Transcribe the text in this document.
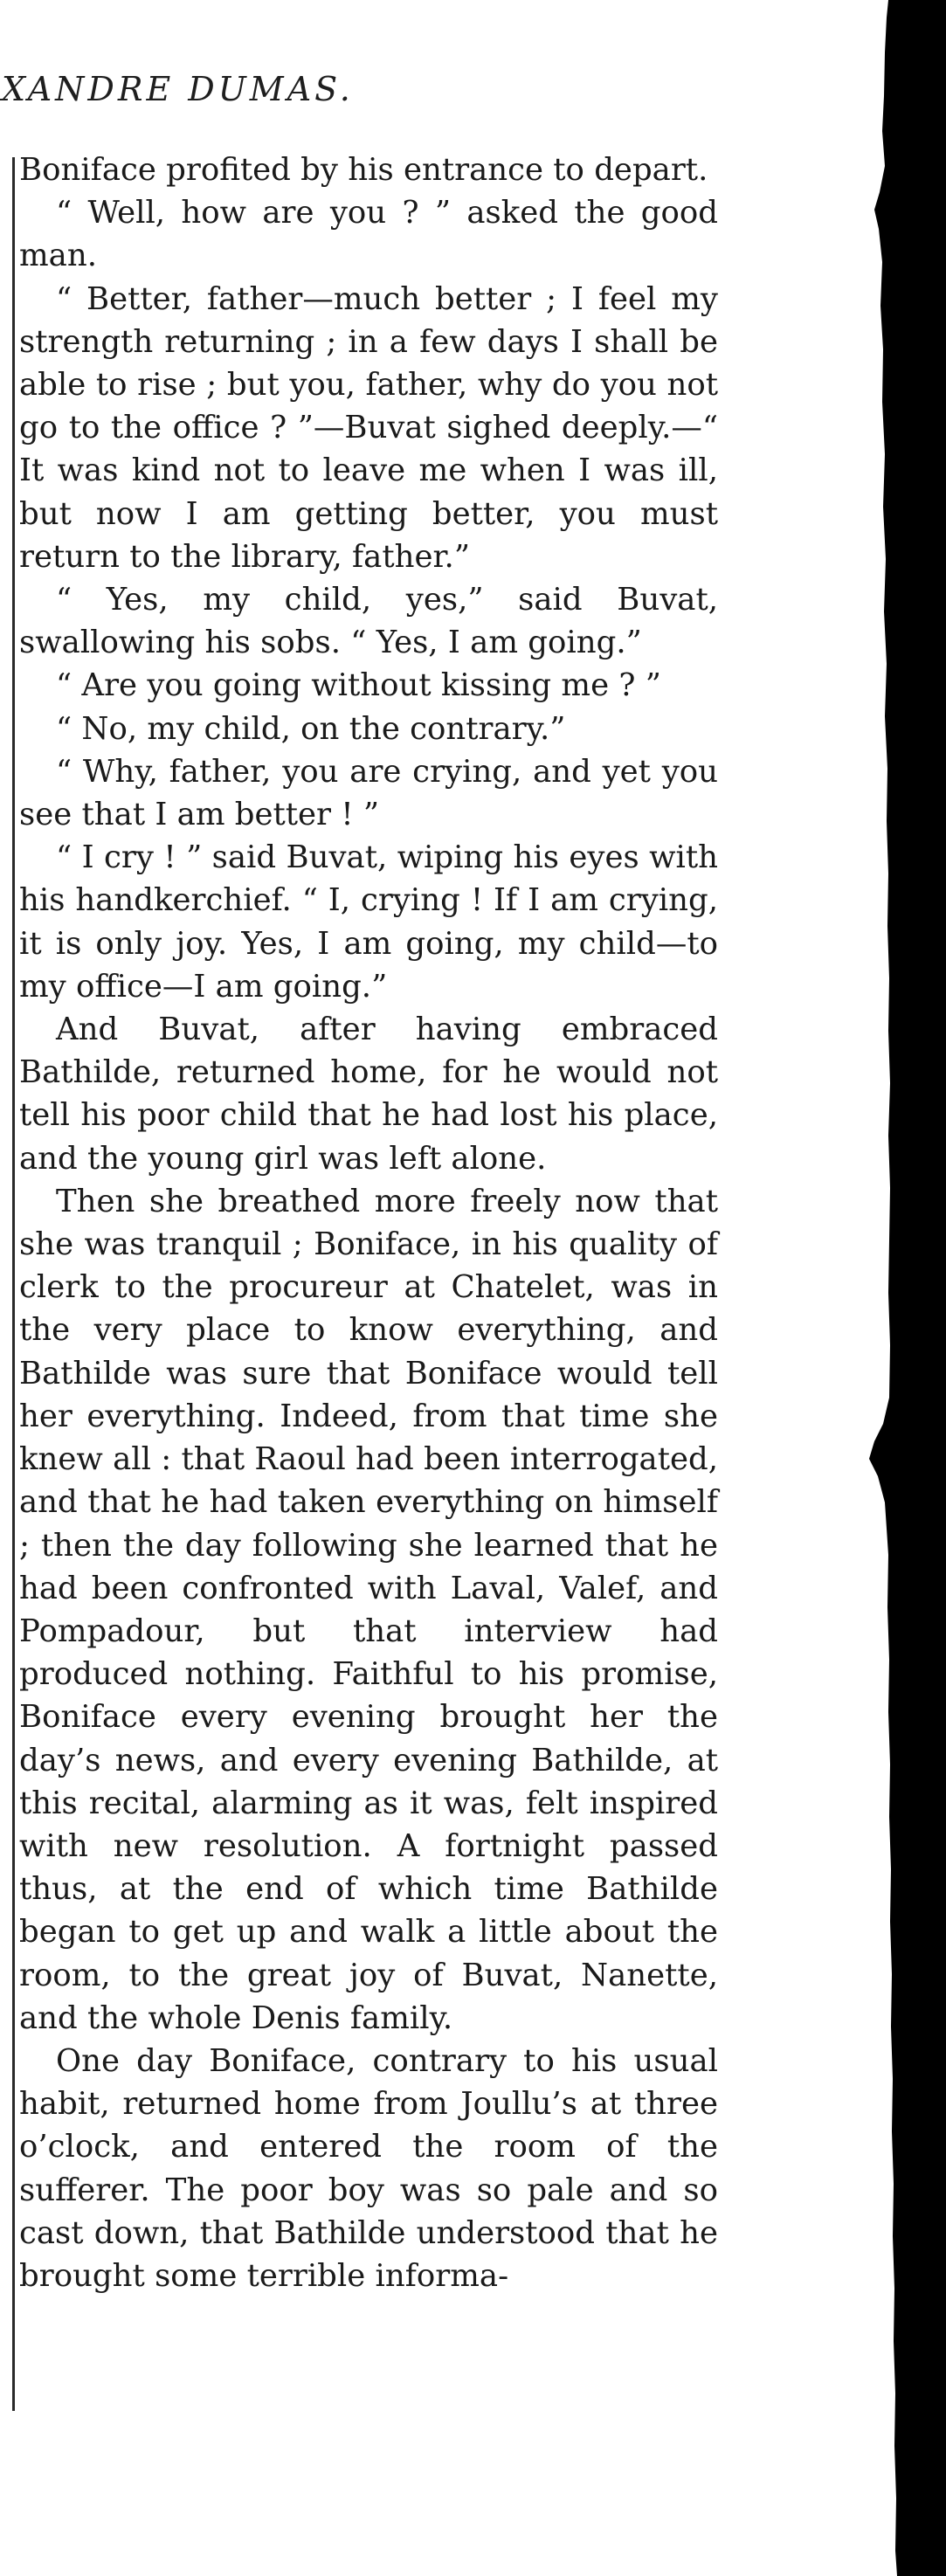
XANDRE DUMAS.

Boniface profited by his entrance to depart.

“ Well, how are you ? ” asked the good man.

“ Better, father—much better ; I feel my strength returning ; in a few days I shall be able to rise ; but you, father, why do you not go to the office ? ”—Buvat sighed deeply.—“ It was kind not to leave me when I was ill, but now I am getting better, you must return to the library, father.”

“ Yes, my child, yes,” said Buvat, swallowing his sobs. “ Yes, I am going.”

“ Are you going without kissing me ? ”

“ No, my child, on the contrary.”

“ Why, father, you are crying, and yet you see that I am better ! ”

“ I cry ! ” said Buvat, wiping his eyes with his handkerchief. “ I, crying ! If I am crying, it is only joy. Yes, I am going, my child—to my office—I am going.”

And Buvat, after having embraced Bathilde, returned home, for he would not tell his poor child that he had lost his place, and the young girl was left alone.

Then she breathed more freely now that she was tranquil ; Boniface, in his quality of clerk to the procureur at Chatelet, was in the very place to know everything, and Bathilde was sure that Boniface would tell her everything. Indeed, from that time she knew all : that Raoul had been interrogated, and that he had taken everything on himself ; then the day following she learned that he had been confronted with Laval, Valef, and Pompadour, but that interview had produced nothing. Faithful to his promise, Boniface every evening brought her the day’s news, and every evening Bathilde, at this recital, alarming as it was, felt inspired with new resolution. A fortnight passed thus, at the end of which time Bathilde began to get up and walk a little about the room, to the great joy of Buvat, Nanette, and the whole Denis family.

One day Boniface, contrary to his usual habit, returned home from Joullu’s at three o’clock, and entered the room of the sufferer. The poor boy was so pale and so cast down, that Bathilde understood that he brought some terrible informa-
